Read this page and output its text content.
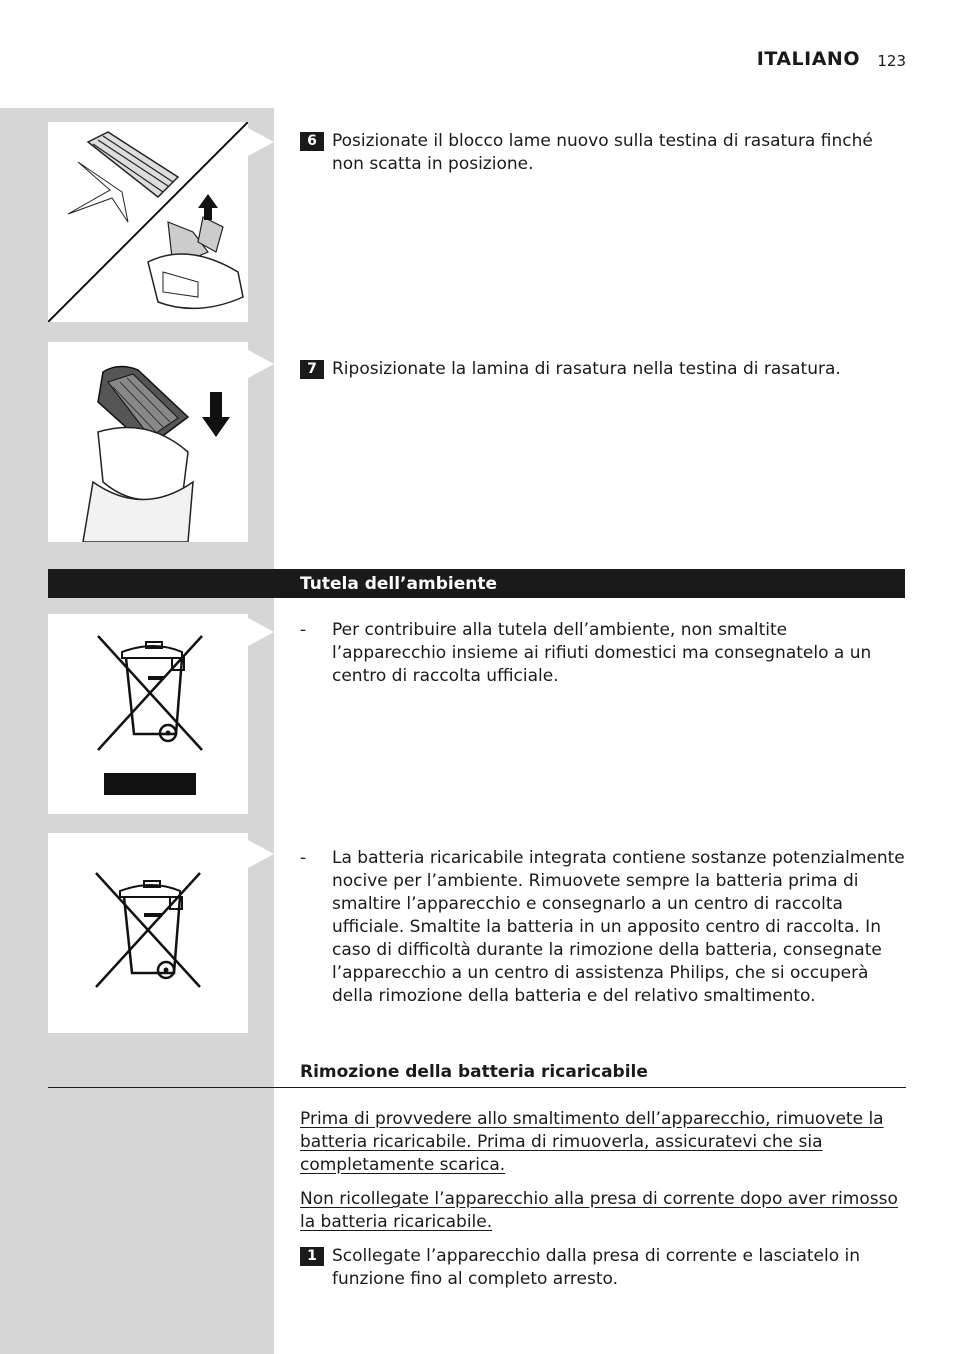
ITALIANO 123
6 Posizionate il blocco lame nuovo sulla testina di rasatura finché non scatta in posizione.
7 Riposizionate la lamina di rasatura nella testina di rasatura.
Tutela dell’ambiente
- Per contribuire alla tutela dell’ambiente, non smaltite l’apparecchio insieme ai rifiuti domestici ma consegnatelo a un centro di raccolta ufficiale.
- La batteria ricaricabile integrata contiene sostanze potenzialmente nocive per l’ambiente. Rimuovete sempre la batteria prima di smaltire l’apparecchio e consegnarlo a un centro di raccolta ufficiale. Smaltite la batteria in un apposito centro di raccolta. In caso di difficoltà durante la rimozione della batteria, consegnate l’apparecchio a un centro di assistenza Philips, che si occuperà della rimozione della batteria e del relativo smaltimento.
Rimozione della batteria ricaricabile
Prima di provvedere allo smaltimento dell’apparecchio, rimuovete la batteria ricaricabile. Prima di rimuoverla, assicuratevi che sia completamente scarica.
Non ricollegate l’apparecchio alla presa di corrente dopo aver rimosso la batteria ricaricabile.
1 Scollegate l’apparecchio dalla presa di corrente e lasciatelo in funzione fino al completo arresto.
